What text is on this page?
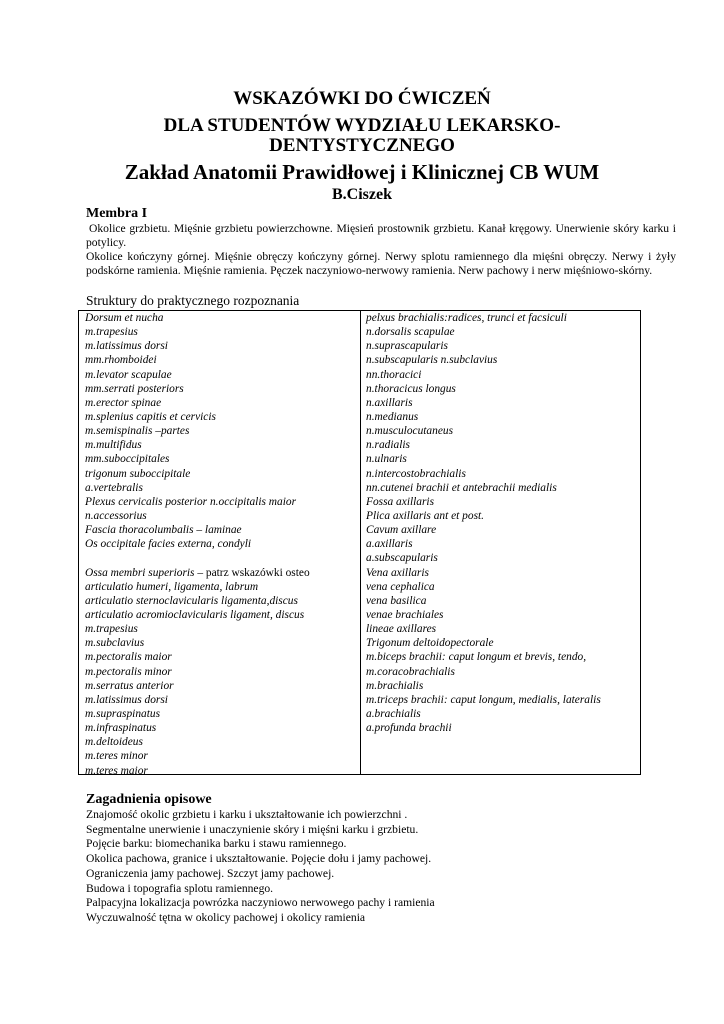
WSKAZÓWKI DO ĆWICZEŃ
DLA STUDENTÓW WYDZIAŁU LEKARSKO-
DENTYSTYCZNEGO
Zakład Anatomii Prawidłowej i Klinicznej CB WUM
B.Ciszek
Membra I

Okolice grzbietu. Mięśnie grzbietu powierzchowne. Mięsień prostownik grzbietu. Kanał kręgowy. Unerwienie skóry karku i potylicy.

Okolice kończyny górnej. Mięśnie obręczy kończyny górnej. Nerwy splotu ramiennego dla mięśni obręczy. Nerwy i żyły podskórne ramienia. Mięśnie ramienia. Pęczek naczyniowo-nerwowy ramienia. Nerw pachowy i nerw mięśniowo-skórny.

Struktury do praktycznego rozpoznania
Dorsum et nucha
m.trapesius
m.latissimus dorsi
mm.rhomboidei
m.levator scapulae
mm.serrati posteriors
m.erector spinae
m.splenius capitis et cervicis
m.semispinalis –partes
m.multifidus
mm.suboccipitales
trigonum suboccipitale
a.vertebralis
Plexus cervicalis posterior n.occipitalis maior
n.accessorius
Fascia thoracolumbalis – laminae
Os occipitale facies externa, condyli
Ossa membri superioris – patrz wskazówki osteo
articulatio humeri, ligamenta, labrum
articulatio sternoclavicularis ligamenta,discus
articulatio acromioclavicularis ligament, discus
m.trapesius
m.subclavius
m.pectoralis maior
m.pectoralis minor
m.serratus anterior
m.latissimus dorsi
m.supraspinatus
m.infraspinatus
m.deltoideus
m.teres minor
m.teres maior
pelxus brachialis:radices, trunci et facsiculi
n.dorsalis scapulae
n.suprascapularis
n.subscapularis n.subclavius
nn.thoracici
n.thoracicus longus
n.axillaris
n.medianus
n.musculocutaneus
n.radialis
n.ulnaris
n.intercostobrachialis
nn.cutenei brachii et antebrachii medialis
Fossa axillaris
Plica axillaris ant et post.
Cavum axillare
a.axillaris
a.subscapularis
Vena axillaris
vena cephalica
vena basilica
venae brachiales
lineae axillares
Trigonum deltoidopectorale
m.biceps brachii: caput longum et brevis, tendo,
m.coracobrachialis
m.brachialis
m.triceps brachii: caput longum, medialis, lateralis
a.brachialis
a.profunda brachii
Zagadnienia opisowe
Znajomość okolic grzbietu i karku i ukształtowanie ich powierzchni .
Segmentalne unerwienie i unaczynienie skóry i mięśni karku i grzbietu.
Pojęcie barku: biomechanika barku i stawu ramiennego.
Okolica pachowa, granice i ukształtowanie. Pojęcie dołu i jamy pachowej.
Ograniczenia jamy pachowej. Szczyt jamy pachowej.
Budowa i topografia splotu ramiennego.
Palpacyjna lokalizacja powrózka naczyniowo nerwowego pachy i ramienia
Wyczuwalność tętna w okolicy pachowej i okolicy ramienia
